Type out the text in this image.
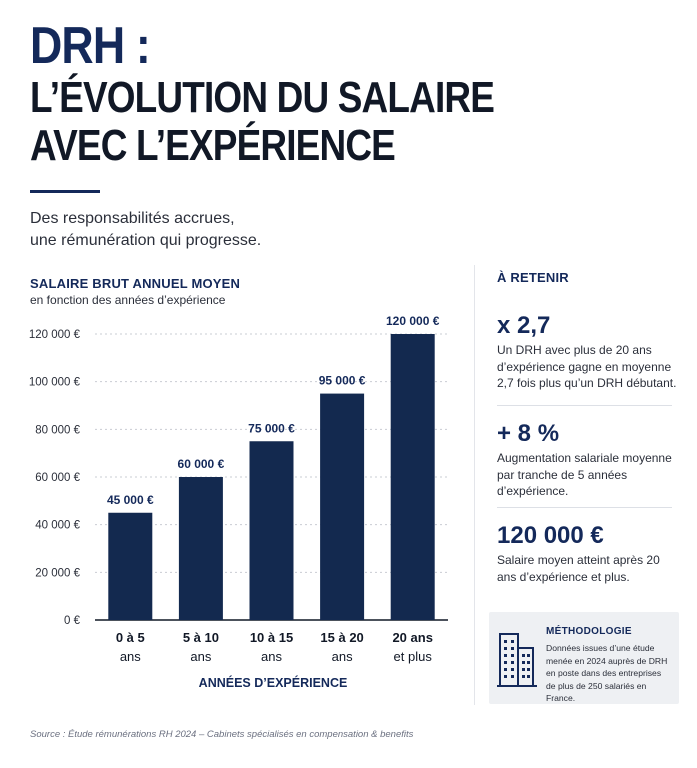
DRH :
L’ÉVOLUTION DU SALAIRE
AVEC L’EXPÉRIENCE
Des responsabilités accrues,
une rémunération qui progresse.
SALAIRE BRUT ANNUEL MOYEN
en fonction des années d’expérience
0 €
20 000 €
40 000 €
60 000 €
80 000 €
100 000 €
120 000 €
45 000 €
0 à 5
ans
60 000 €
5 à 10
ans
75 000 €
10 à 15
ans
95 000 €
15 à 20
ans
120 000 €
20 ans
et plus
ANNÉES D’EXPÉRIENCE
À RETENIR
x 2,7
Un DRH avec plus de 20 ans d’expérience gagne en moyenne 2,7 fois plus qu’un DRH débutant.
+ 8 %
Augmentation salariale moyenne par tranche de 5 années d’expérience.
120 000 €
Salaire moyen atteint après 20 ans d’expérience et plus.
MÉTHODOLOGIE
Données issues d’une étude menée en 2024 auprès de DRH en poste dans des entreprises de plus de 250 salariés en France.
Source : Étude rémunérations RH 2024 – Cabinets spécialisés en compensation & benefits
